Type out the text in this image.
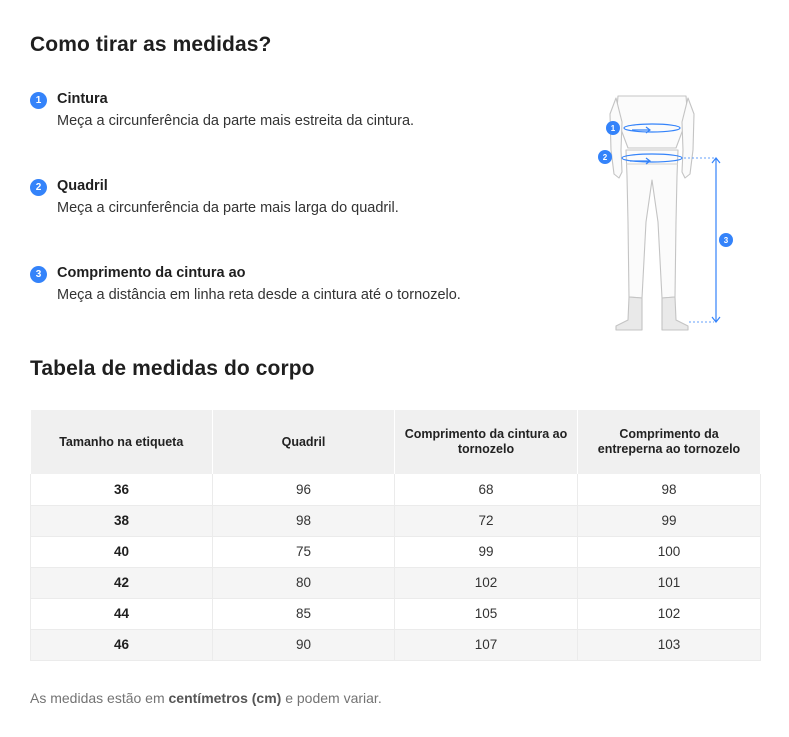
Como tirar as medidas?
1	Cintura
Meça a circunferência da parte mais estreita da cintura.
2	Quadril
Meça a circunferência da parte mais larga do quadril.
3	Comprimento da cintura ao
Meça a distância em linha reta desde a cintura até o tornozelo.
1
2
3
Tabela de medidas do corpo
Tamanho na etiqueta	Quadril	Comprimento da cintura ao tornozelo	Comprimento da entreperna ao tornozelo
36	96	68	98
38	98	72	99
40	75	99	100
42	80	102	101
44	85	105	102
46	90	107	103

As medidas estão em centímetros (cm) e podem variar.
